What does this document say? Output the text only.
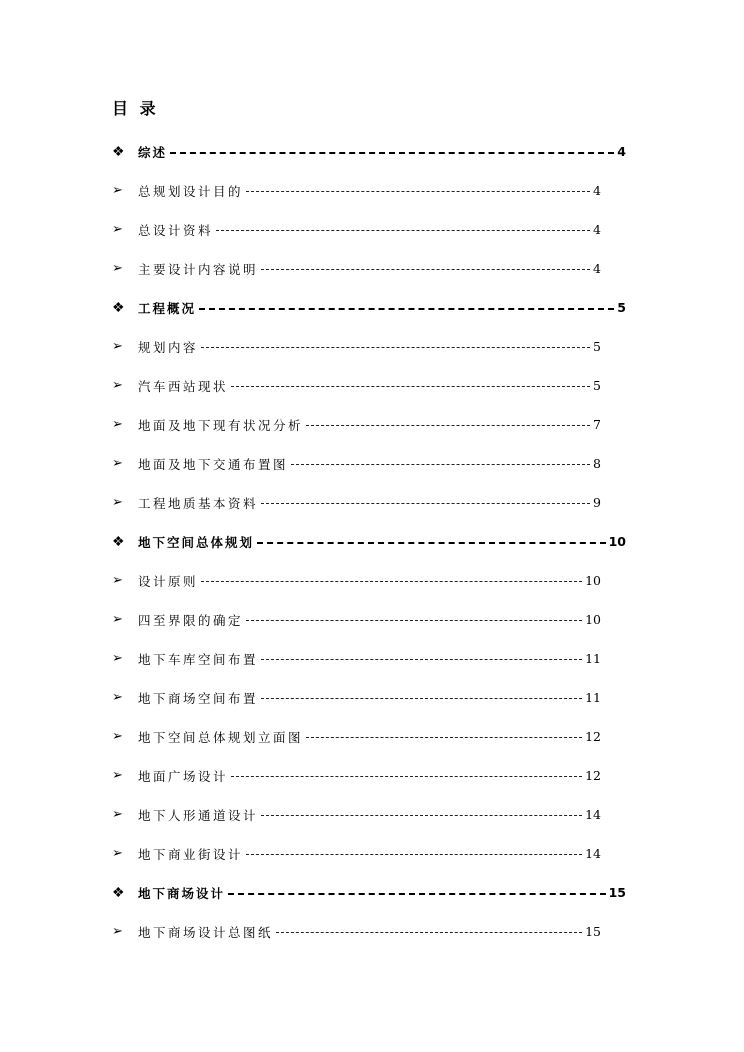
目 录
❖	综述	4
➢	总规划设计目的	4
➢	总设计资料	4
➢	主要设计内容说明	4
❖	工程概况	5
➢	规划内容	5
➢	汽车西站现状	5
➢	地面及地下现有状况分析	7
➢	地面及地下交通布置图	8
➢	工程地质基本资料	9
❖	地下空间总体规划	10
➢	设计原则	10
➢	四至界限的确定	10
➢	地下车库空间布置	11
➢	地下商场空间布置	11
➢	地下空间总体规划立面图	12
➢	地面广场设计	12
➢	地下人形通道设计	14
➢	地下商业街设计	14
❖	地下商场设计	15
➢	地下商场设计总图纸	15
